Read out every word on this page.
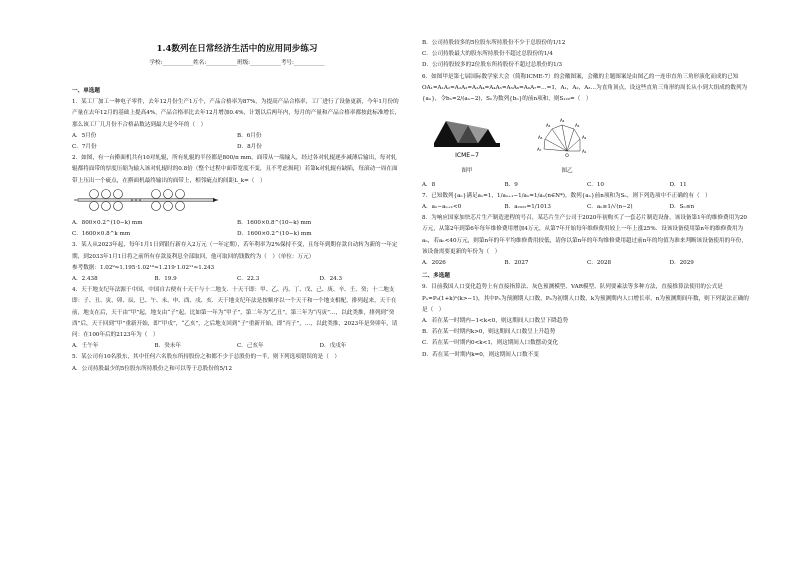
1.4数列在日常经济生活中的应用同步练习
学校:___________姓名:___________班级:___________考号:___________
一、单选题
1．某工厂加工一种电子零件，去年12月份生产1万个，产品合格率为87%，为提高产品合格率，工厂进行了设备更新，今年1月份的产量在去年12月的基础上提高4%，产品合格率比去年12月增加0.4%，计划以后两年内，每月的产量和产品合格率都按此标准增长，那么该工厂几月份不合格品数达到最大是今年的（　）
A．5月份	B．6月份
C．7月份	D．8月份
2．如图，有一台擀面机共有10对轧辊，所有轧辊的半径都是800/π mm，面带从一端输入，经过各对轧辊逐步减薄后输出，每对轧辊都将面带的厚度压缩为输入该对轧辊时的0.8倍（整个过程中面带宽度不变，且不考虑损耗）若第k对轧辊有缺陷，每滚动一周在面带上压出一个疵点，在擀面机最终输出的面带上，相邻疵点的间距L_k=（　）
A．800×0.2^(10−k) mm	B．1600×0.8^(10−k) mm
C．1600×0.8^k mm	D．1600×0.2^(10−k) mm
3．某人从2023年起，每年1月1日到银行新存入2万元（一年定期），若年利率为2%保持不变，且每年到期存款自动转为新的一年定期，到2033年1月1日将之前所有存款及利息全部取回，他可取回的钱数约为（　）（单位：万元）
参考数据：1.02⁹≈1.195·1.02¹⁰≈1.219·1.02¹¹≈1.243
A．2.438	B．19.9	C．22.3	D．24.3
4．天干地支纪年法源于中国，中国自古便有十天干与十二地支．十天干即：甲、乙、丙、丁、戊、己、庚、辛、壬、癸；十二地支即：子、丑、寅、卯、辰、巳、午、未、申、酉、戌、亥．天干地支纪年法是按顺序以一个天干和一个地支相配，排列起来，天干在前，地支在后，天干由“甲”起，地支由“子”起，比如第一年为“甲子”，第二年为“乙丑”，第三年为“丙寅”…，以此类推，排列到“癸酉”后，天干回到“甲”重新开始，即“甲戌”，“乙亥”，之后地支回到“子”重新开始，即“丙子”，…，以此类推，2023年是癸卯年，请问：在100年后的2123年为（　）
A．壬午年	B．癸未年	C．己亥年	D．戊戌年
5．某公司有10名股东，其中任何六名股东所持股份之和都不少于总股份的一半，则下列选项错误的是（　）
A．公司持股最少的5位股东所持股份之和可以等于总股份的5/12
B．公司持股较多的5位股东所持股份不少于总股份的1/12
C．公司持股最大的股东所持股份不超过总股份的1/4
D．公司持股较多的2位股东所持股份不超过总股份的1/3
6．如图甲是第七届国际数学家大会（简称ICME-7）的会徽图案，会徽的主题图案是由图乙的一连串直角三角形演化而成的已知OA₁=A₁A₂=A₂A₃=A₃A₄=A₄A₅=A₅A₆=A₆A₇=…=1，A₁，A₂，A₃…为直角顶点，设这些直角三角形的周长从小到大组成的数列为{aₙ}，令bₙ=2/(aₙ−2)，Sₙ为数列{bₙ}的前n项和，则S₁₂₀=（　）
ICME−7
图甲
O
A₁
A₂
A₃
A₄
A₅
A₆
A₇
图乙
A．8	B．9	C．10	D．11
7．已知数列{aₙ}满足a₁=1，1/aₙ₊₁−1/aₙ=1/aₙ(n∈N*)，数列{aₙ}前n项和为Sₙ，则下列选项中不正确的有（　）
A．aₙ−aₙ₊₁<0	B．a₂₀₂₂=1/1013	C．aₙ≥1/√(n−2)	D．Sₙ≤n
8．为响应国家加快芯片生产制造进程的号召，某芯片生产公司于2020年初购买了一套芯片制造设备，该设备第1年的维修费用为20万元，从第2年到第6年每年维修费用增加4万元，从第7年开始每年维修费用较上一年上涨25%．设该设备使用第n年的维修费用为aₙ，若aₙ<40万元，则第n年的年平均维修费用较低，请你以第n年的年均维修费用超过前n年的均值为准来判断该设备使用的年份，该设备需要更新的年份为（　）
A．2026	B．2027	C．2028	D．2029
二、多选题
9．目前我国人口变化趋势上有直接指算法、灰色预测模型、VAR模型、队列要素法等多种方法，直接推算法使用的公式是Pₙ=P₀(1+k)ⁿ(k>−1)，其中Pₙ为预测期人口数，P₀为初期人口数，k为预测期内人口增长率，n为预测期间年数，则下列说法正确的是（　）
A．若在某一时期内−1<k<0，则这期间人口数呈下降趋势
B．若在某一时期内k>0，则这期间人口数呈上升趋势
C．若在某一时期内0<k<1，则这期间人口数摆动变化
D．若在某一时期内k=0，则这期间人口数不变
